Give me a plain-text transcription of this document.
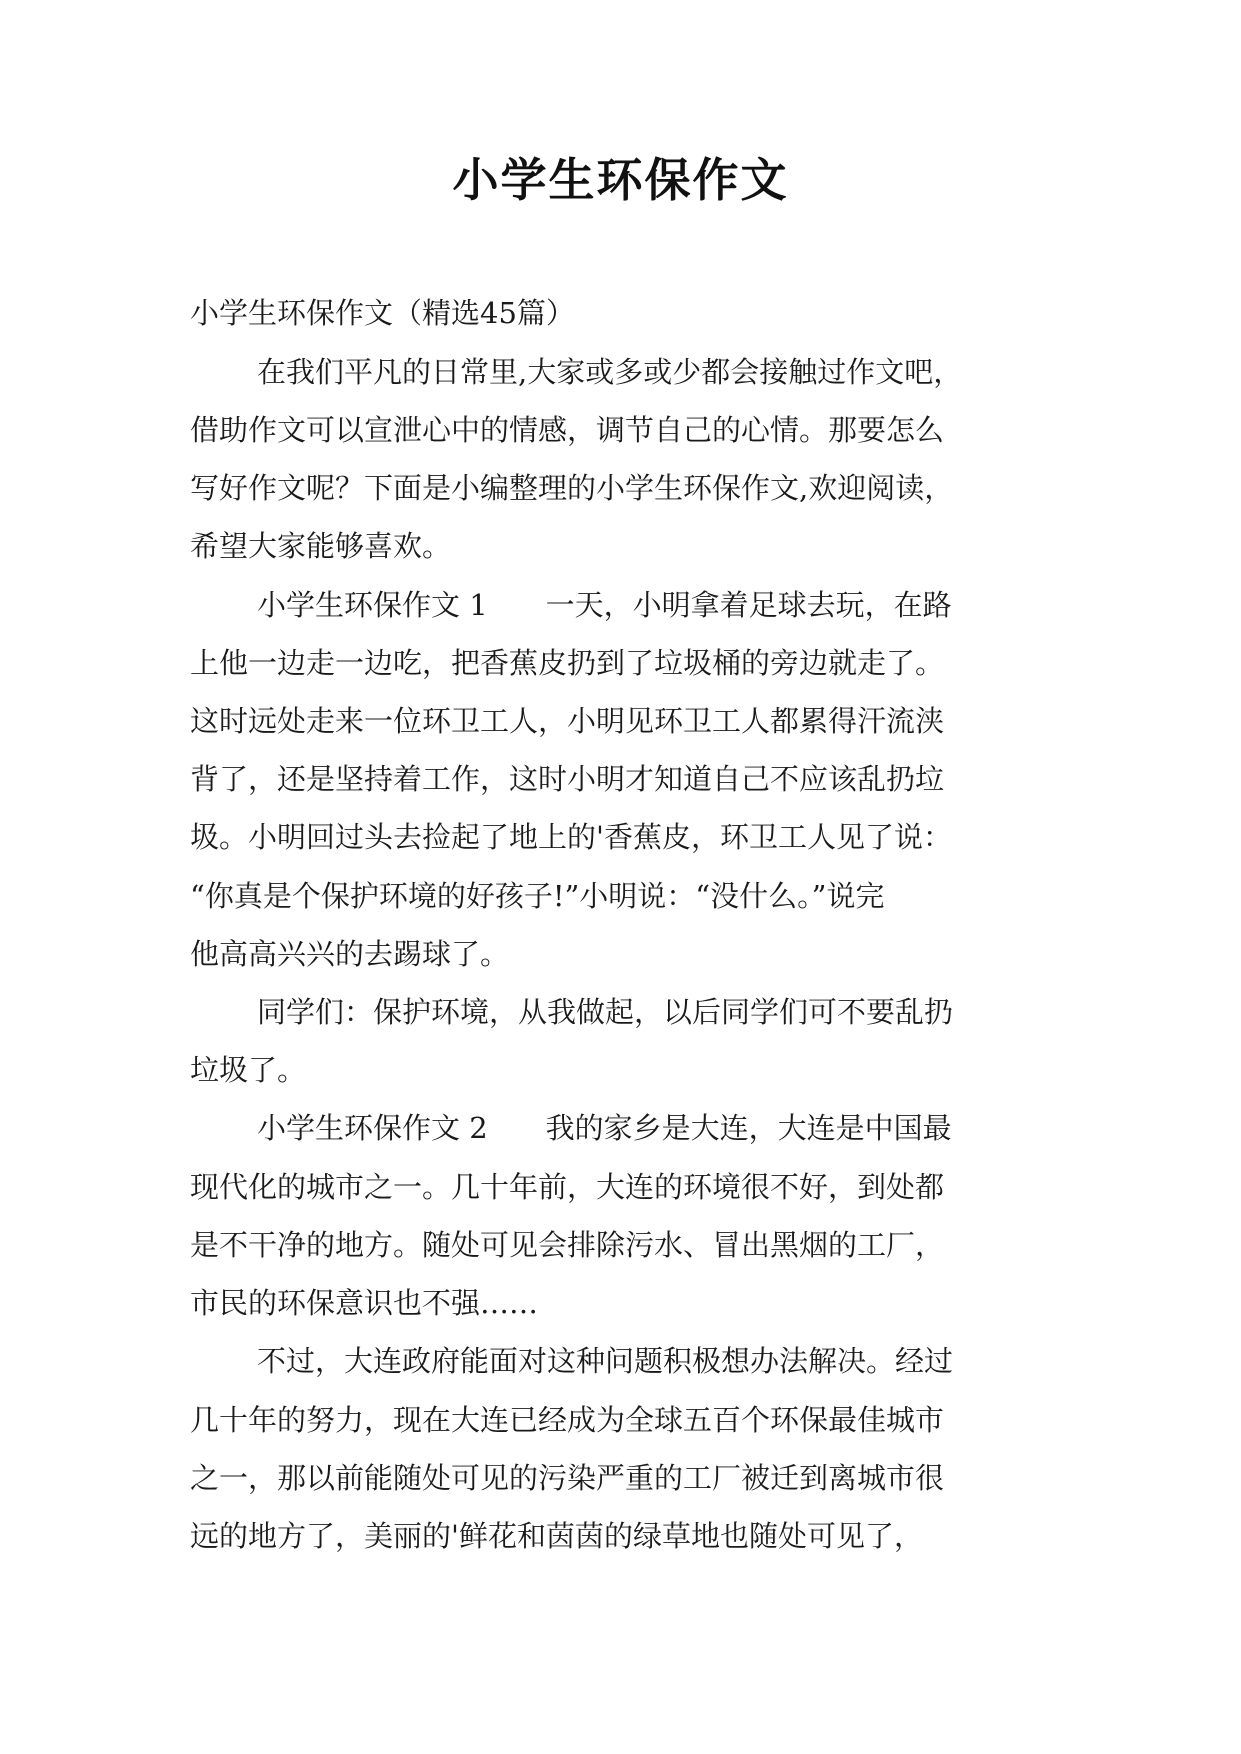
小学生环保作文
小学生环保作文（精选45篇）
在我们平凡的日常里,大家或多或少都会接触过作文吧，
借助作文可以宣泄心中的情感，调节自己的心情。那要怎么
写好作文呢？下面是小编整理的小学生环保作文,欢迎阅读，
希望大家能够喜欢。
小学生环保作文 1　　一天，小明拿着足球去玩，在路
上他一边走一边吃，把香蕉皮扔到了垃圾桶的旁边就走了。
这时远处走来一位环卫工人，小明见环卫工人都累得汗流浃
背了，还是坚持着工作，这时小明才知道自己不应该乱扔垃
圾。小明回过头去捡起了地上的'香蕉皮，环卫工人见了说：
“你真是个保护环境的好孩子!”小明说：“没什么。”说完
他高高兴兴的去踢球了。
同学们：保护环境，从我做起，以后同学们可不要乱扔
垃圾了。
小学生环保作文 2　　我的家乡是大连，大连是中国最
现代化的城市之一。几十年前，大连的环境很不好，到处都
是不干净的地方。随处可见会排除污水、冒出黑烟的工厂，
市民的环保意识也不强……
不过，大连政府能面对这种问题积极想办法解决。经过
几十年的努力，现在大连已经成为全球五百个环保最佳城市
之一，那以前能随处可见的污染严重的工厂被迁到离城市很
远的地方了，美丽的'鲜花和茵茵的绿草地也随处可见了，
